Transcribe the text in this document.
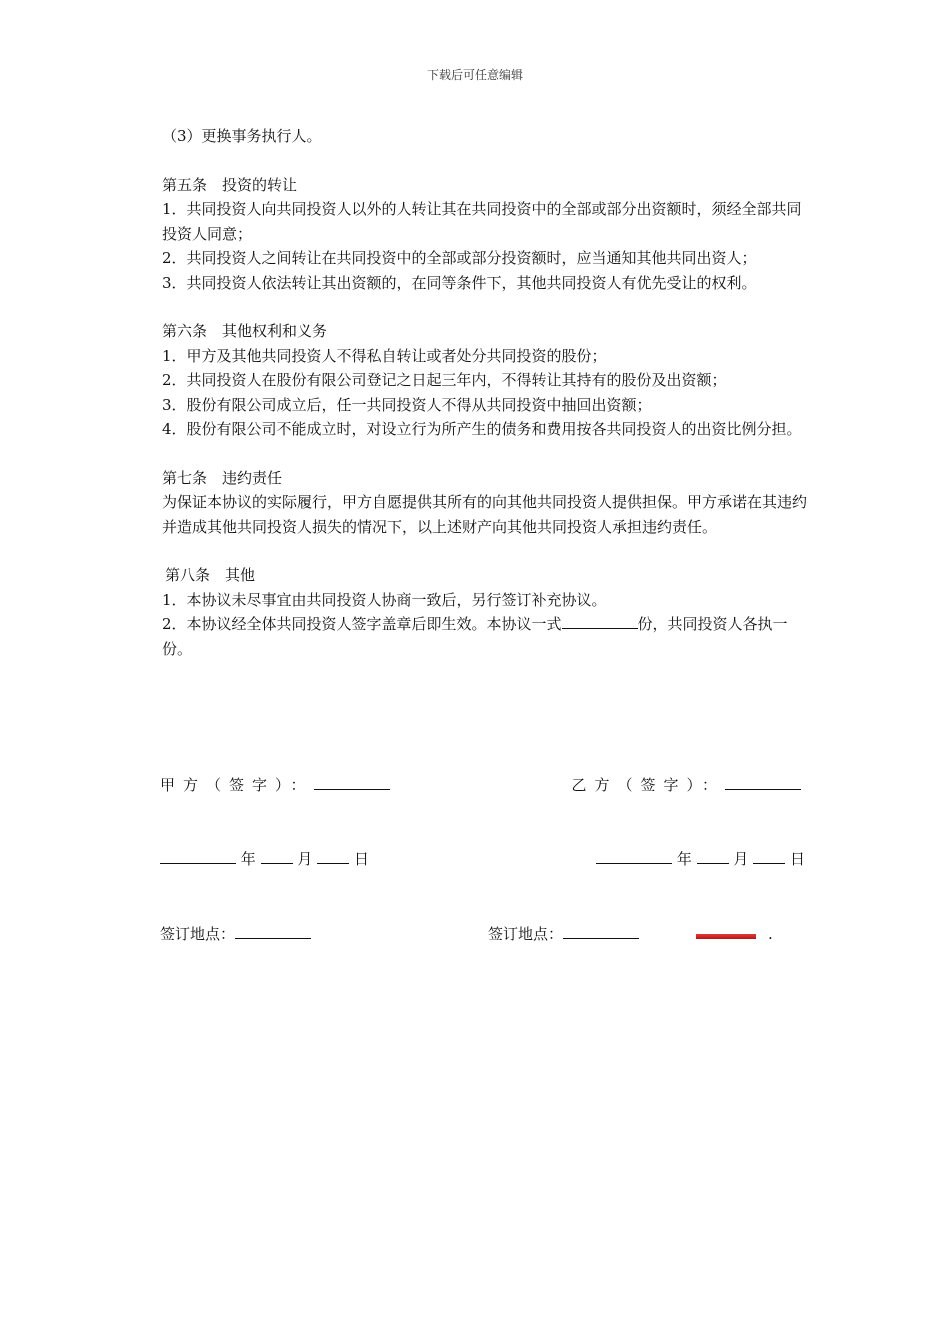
下载后可任意编辑

（3）更换事务执行人。

第五条　投资的转让

1．共同投资人向共同投资人以外的人转让其在共同投资中的全部或部分出资额时，须经全部共同投资人同意；

2．共同投资人之间转让在共同投资中的全部或部分投资额时，应当通知其他共同出资人；

3．共同投资人依法转让其出资额的，在同等条件下，其他共同投资人有优先受让的权利。

第六条　其他权利和义务

1．甲方及其他共同投资人不得私自转让或者处分共同投资的股份；

2．共同投资人在股份有限公司登记之日起三年内，不得转让其持有的股份及出资额；

3．股份有限公司成立后，任一共同投资人不得从共同投资中抽回出资额；

4．股份有限公司不能成立时，对设立行为所产生的债务和费用按各共同投资人的出资比例分担。

第七条　违约责任

为保证本协议的实际履行，甲方自愿提供其所有的向其他共同投资人提供担保。甲方承诺在其违约并造成其他共同投资人损失的情况下，以上述财产向其他共同投资人承担违约责任。

第八条　其他

1．本协议未尽事宜由共同投资人协商一致后，另行签订补充协议。

2．本协议经全体共同投资人签字盖章后即生效。本协议一式	份，共同投资人各执一份。

甲方（签字）：	乙方（签字）：
年	月	日	年	月	日
签订地点：	签订地点：	.
